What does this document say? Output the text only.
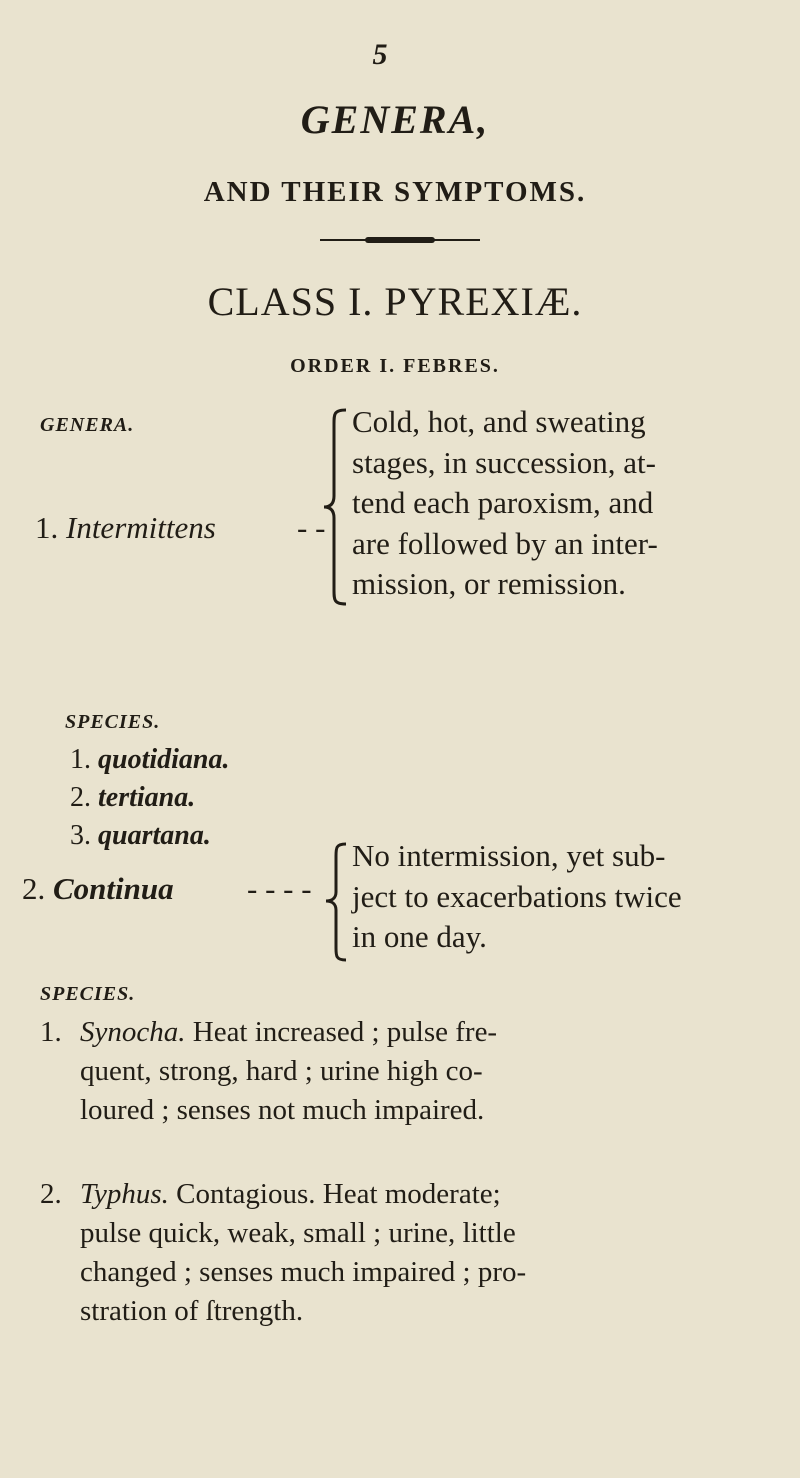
5
GENERA,
AND THEIR SYMPTOMS.
CLASS I. PYREXIÆ.
ORDER I. FEBRES.
GENERA.
1. Intermittens	- -
Cold, hot, and sweating
stages, in succession, at-
tend each paroxism, and
are followed by an inter-
mission, or remission.
SPECIES.
1. quotidiana.
2. tertiana.
3. quartana.
2. Continua - - - -
No intermission, yet sub-
ject to exacerbations twice
in one day.
SPECIES.
1. Synocha. Heat increased ; pulse fre-
quent, strong, hard ; urine high co-
loured ; senses not much impaired.
2. Typhus. Contagious. Heat moderate;
pulse quick, weak, small ; urine, little
changed ; senses much impaired ; pro-
stration of ſtrength.
